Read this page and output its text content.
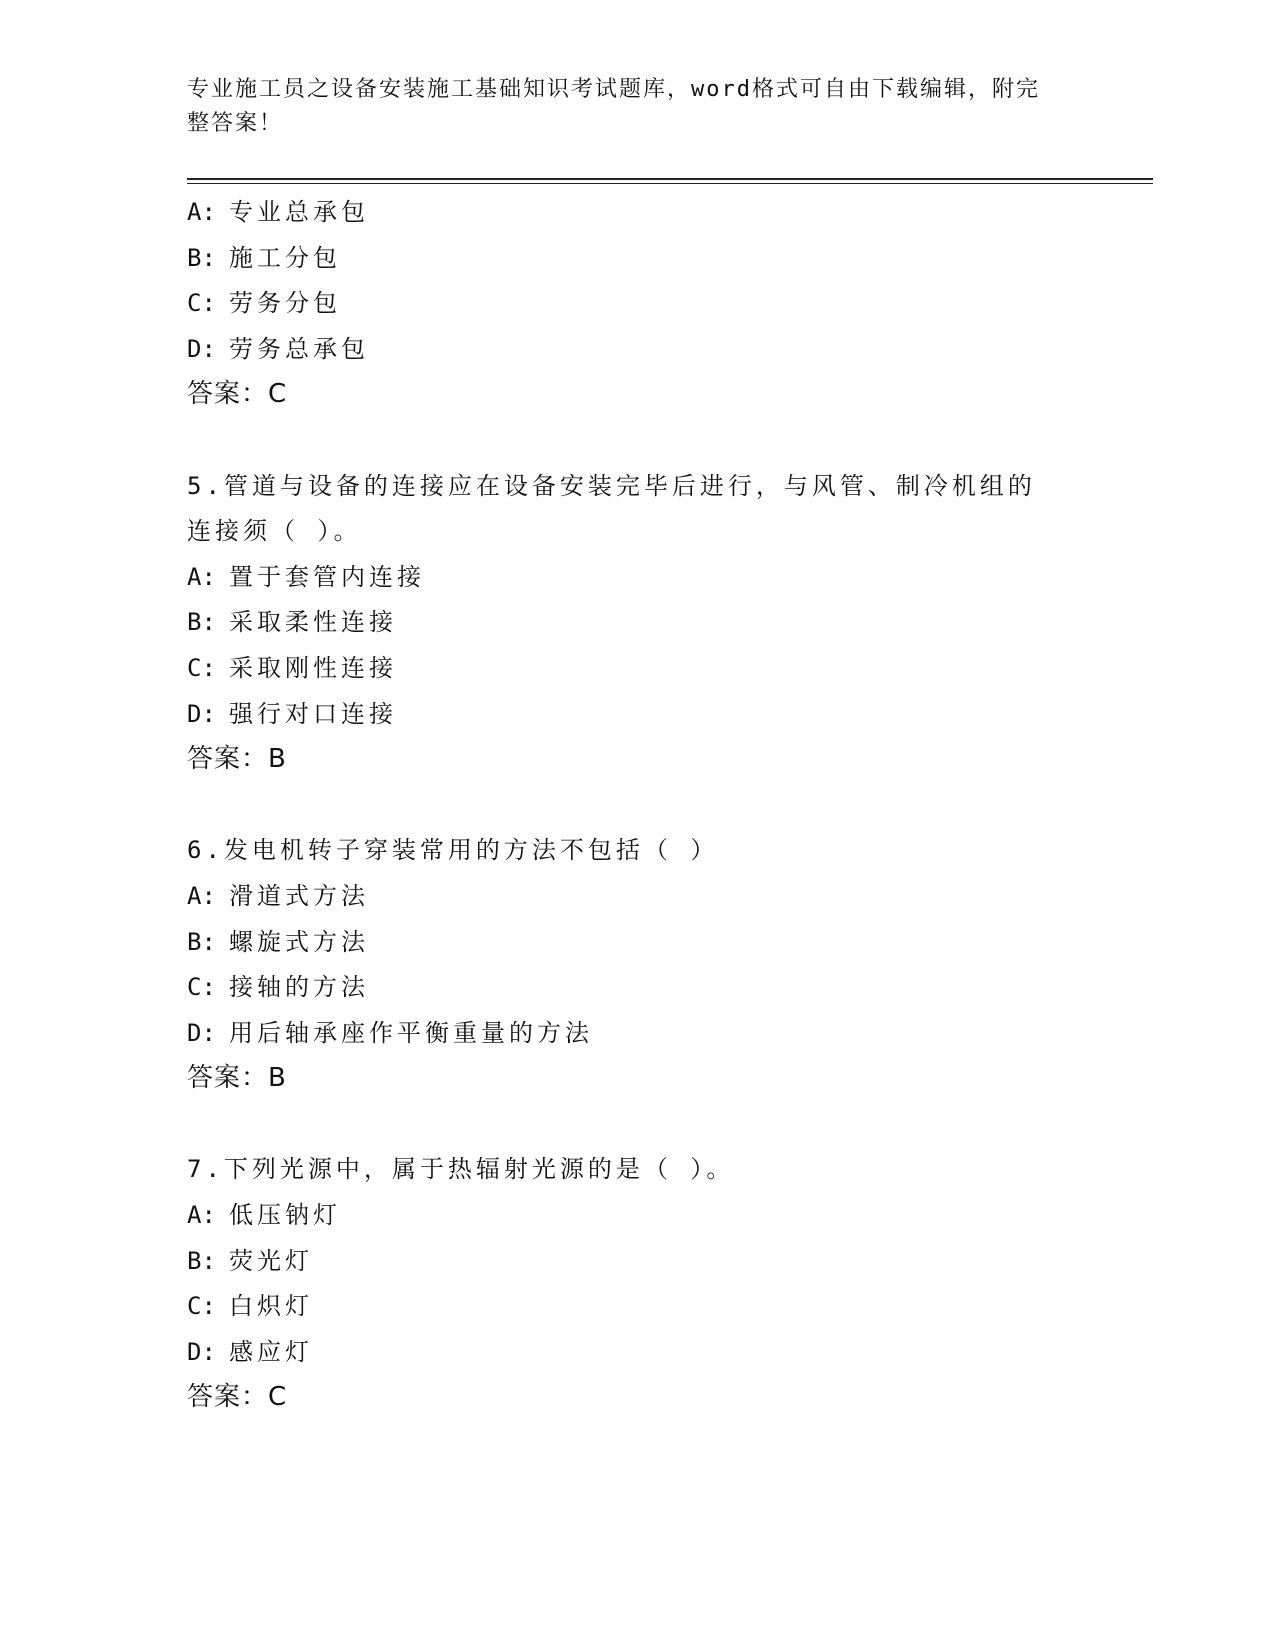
专业施工员之设备安装施工基础知识考试题库，word格式可自由下载编辑，附完
整答案！
A: 专业总承包
B: 施工分包
C: 劳务分包
D: 劳务总承包
答案：C
5.管道与设备的连接应在设备安装完毕后进行，与风管、制冷机组的
连接须（ ）。
A: 置于套管内连接
B: 采取柔性连接
C: 采取刚性连接
D: 强行对口连接
答案：B
6.发电机转子穿装常用的方法不包括（ ）
A: 滑道式方法
B: 螺旋式方法
C: 接轴的方法
D: 用后轴承座作平衡重量的方法
答案：B
7.下列光源中，属于热辐射光源的是（ ）。
A: 低压钠灯
B: 荧光灯
C: 白炽灯
D: 感应灯
答案：C
